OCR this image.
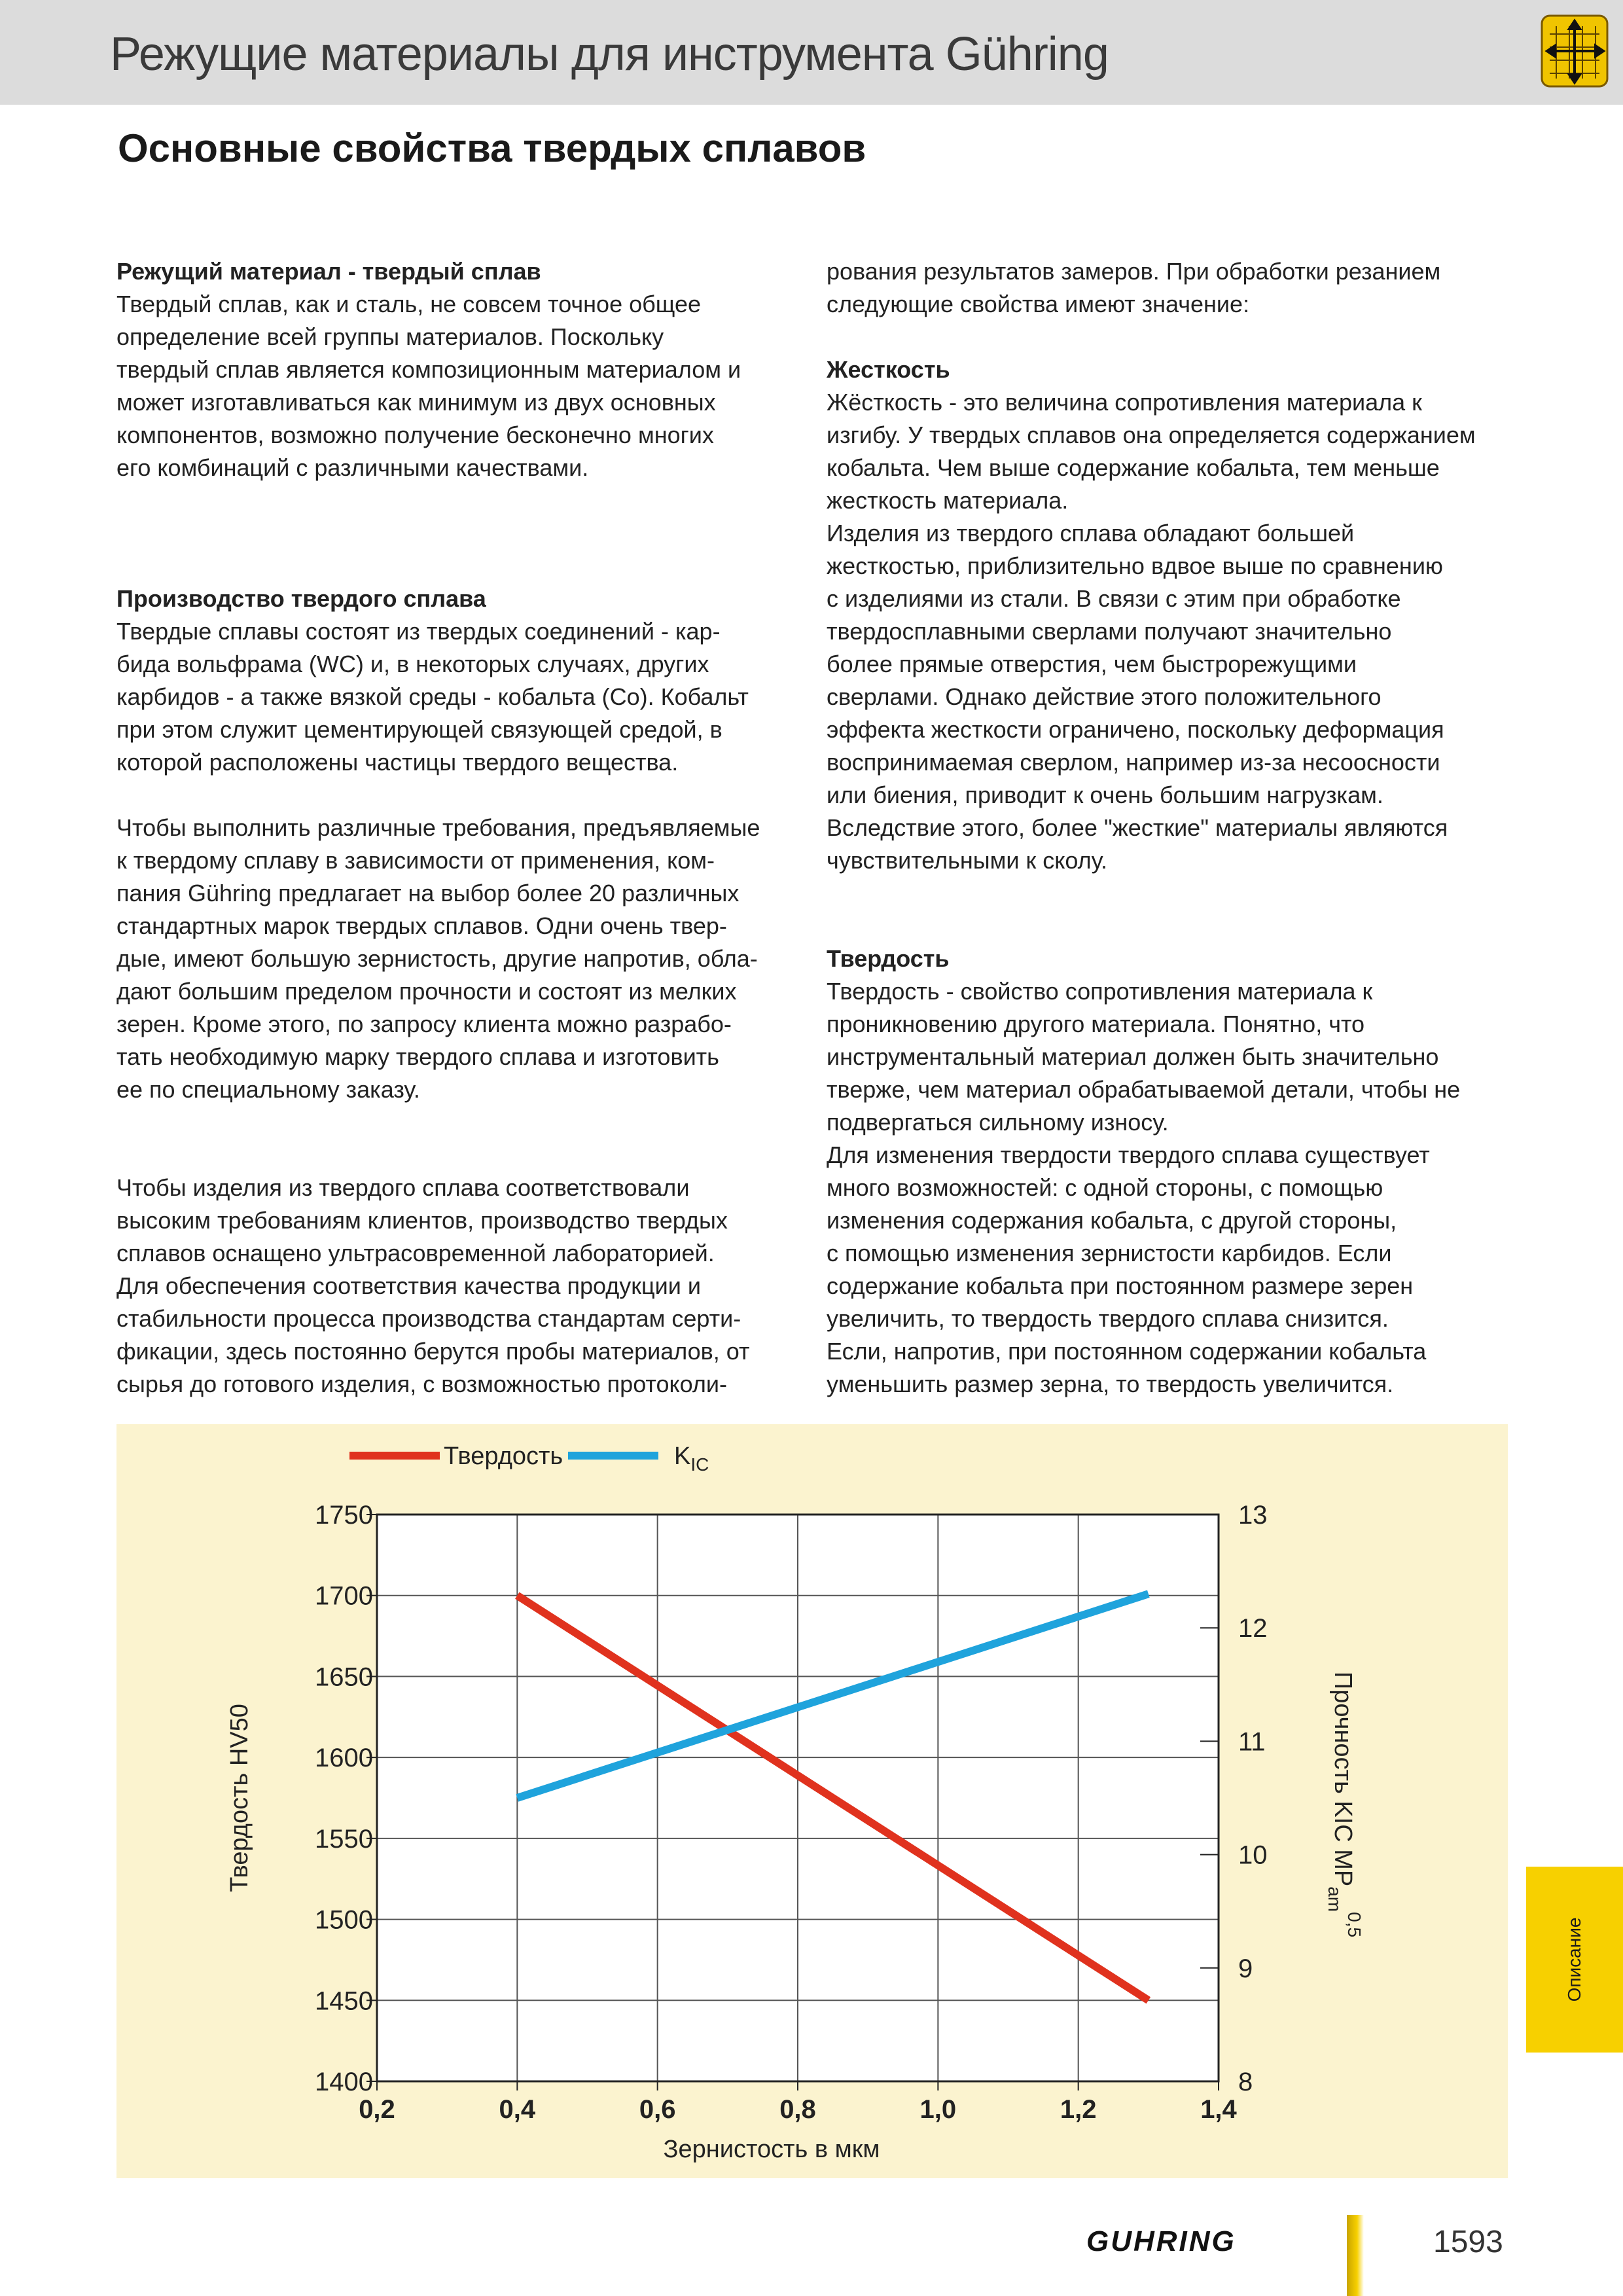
Режущие материалы для инструмента Gühring
Основные свойства твердых сплавов

Режущий материал - твердый сплав

Твердый сплав, как и сталь, не совсем точное общее

определение всей группы материалов. Поскольку

твердый сплав является композиционным материалом и

может изготавливаться как минимум из двух основных

компонентов, возможно получение бесконечно многих

его комбинаций с различными качествами.

Производство твердого сплава

Твердые сплавы состоят из твердых соединений - кар-

бида вольфрама (WC) и, в некоторых случаях, других

карбидов - а также вязкой среды - кобальта (Co). Кобальт

при этом служит цементирующей связующей средой, в

которой расположены частицы твердого вещества.

Чтобы выполнить различные требования, предъявляемые

к твердому сплаву в зависимости от применения, ком-

пания Gühring предлагает на выбор более 20 различных

стандартных марок твердых сплавов. Одни очень твер-

дые, имеют большую зернистость, другие напротив, обла-

дают большим пределом прочности и состоят из мелких

зерен. Кроме этого, по запросу клиента можно разрабо-

тать необходимую марку твердого сплава и изготовить

ее по специальному заказу.

Чтобы изделия из твердого сплава соответствовали

высоким требованиям клиентов, производство твердых

сплавов оснащено ультрасовременной лабораторией.

Для обеспечения соответствия качества продукции и

стабильности процесса производства стандартам серти-

фикации, здесь постоянно берутся пробы материалов, от

сырья до готового изделия, с возможностью протоколи-

рования результатов замеров. При обработки резанием

следующие свойства имеют значение:

Жесткость

Жёсткость - это величина сопротивления материала к

изгибу. У твердых сплавов она определяется содержанием

кобальта. Чем выше содержание кобальта, тем меньше

жесткость материала.

Изделия из твердого сплава обладают большей

жесткостью, приблизительно вдвое выше по сравнению

с изделиями из стали. В связи с этим при обработке

твердосплавными сверлами получают значительно

более прямые отверстия, чем быстрорежущими

сверлами. Однако действие этого положительного

эффекта жесткости ограничено, поскольку деформация

воспринимаемая сверлом, например из-за несоосности

или биения, приводит к очень большим нагрузкам.

Вследствие этого, более "жесткие" материалы являются

чувствительными к сколу.

Твердость

Твердость - свойство сопротивления материала к

проникновению другого материала. Понятно, что

инструментальный материал должен быть значительно

тверже, чем материал обрабатываемой детали, чтобы не

подвергаться сильному износу.

Для изменения твердости твердого сплава существует

много возможностей: с одной стороны, с помощью

изменения содержания кобальта, с другой стороны,

с помощью изменения зернистости карбидов. Если

содержание кобальта при постоянном размере зерен

увеличить, то твердость твердого сплава снизится.

Если, напротив, при постоянном содержании кобальта

уменьшить размер зерна, то твердость увеличится.

0,2	0,4	0,6	0,8	1,0	1,2	1,4
1400
1450
1500
1550
1600
1650
1700
1750
8
9
10
11
12
13
Твердость	$K_{IC}$
Зернистость в мкм
Твердость HV50	Прочность KIC $MP_{am}^{0,5}$	Описание
GUHRING	1593
